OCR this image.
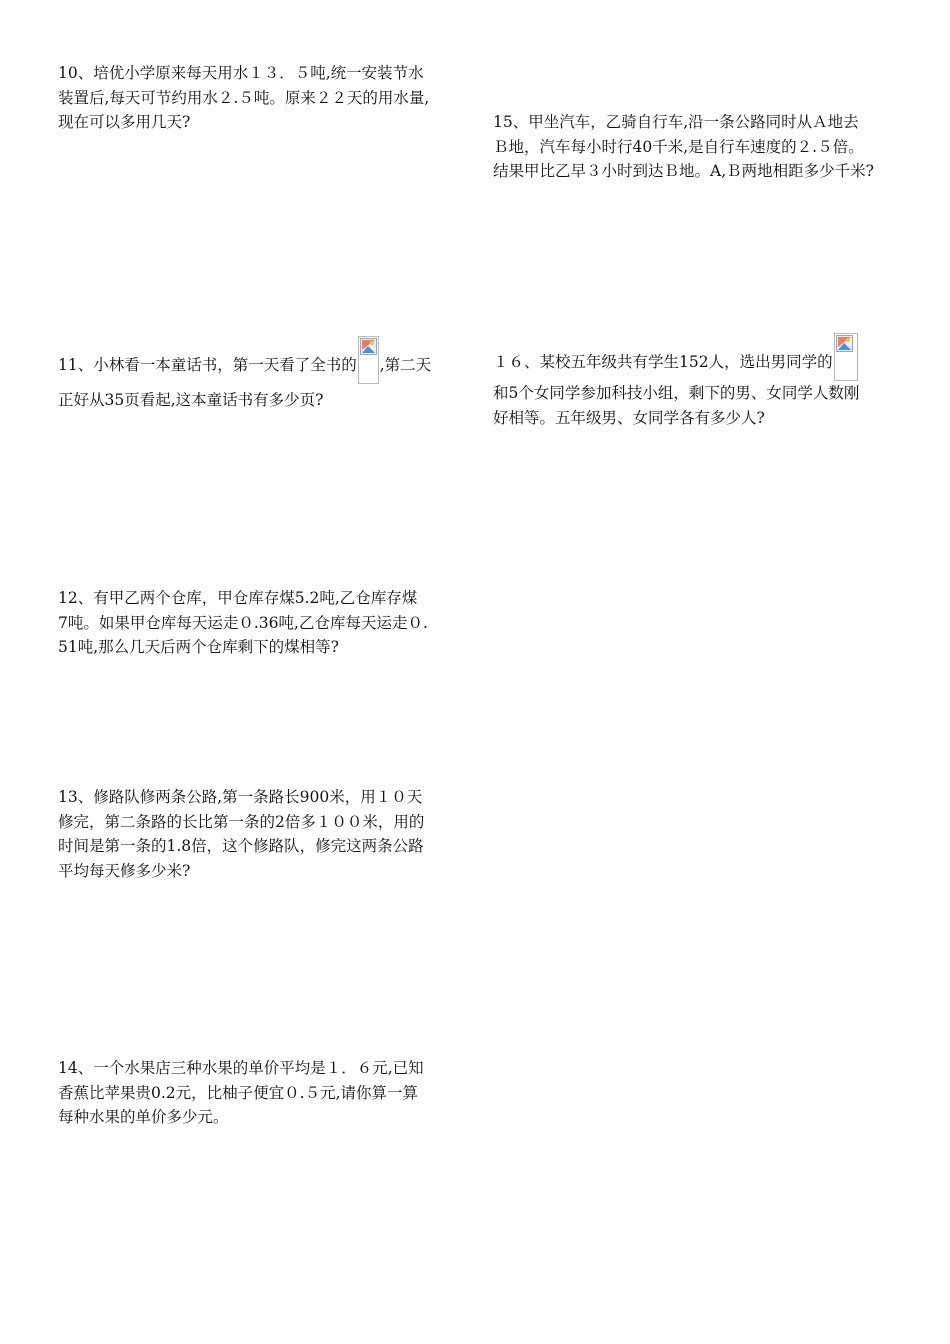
10、培优小学原来每天用水１３．５吨,统一安装节水
装置后,每天可节约用水２.５吨。原来２２天的用水量,
现在可以多用几天?	15、甲坐汽车，乙骑自行车,沿一条公路同时从Ａ地去
Ｂ地，汽车每小时行40千米,是自行车速度的２.５倍。
结果甲比乙早３小时到达Ｂ地。A,Ｂ两地相距多少千米?
11、小林看一本童话书，第一天看了全书的 ,第二天
正好从35页看起,这本童话书有多少页?
１６、某校五年级共有学生152人，选出男同学的
和5个女同学参加科技小组，剩下的男、女同学人数刚
好相等。五年级男、女同学各有多少人?
12、有甲乙两个仓库，甲仓库存煤5.2吨,乙仓库存煤
7吨。如果甲仓库每天运走０.36吨,乙仓库每天运走０.
51吨,那么几天后两个仓库剩下的煤相等?
13、修路队修两条公路,第一条路长900米，用１０天
修完，第二条路的长比第一条的2倍多１００米，用的
时间是第一条的1.8倍，这个修路队，修完这两条公路
平均每天修多少米?
14、一个水果店三种水果的单价平均是１．６元,已知
香蕉比苹果贵0.2元，比柚子便宜０.５元,请你算一算
每种水果的单价多少元。
